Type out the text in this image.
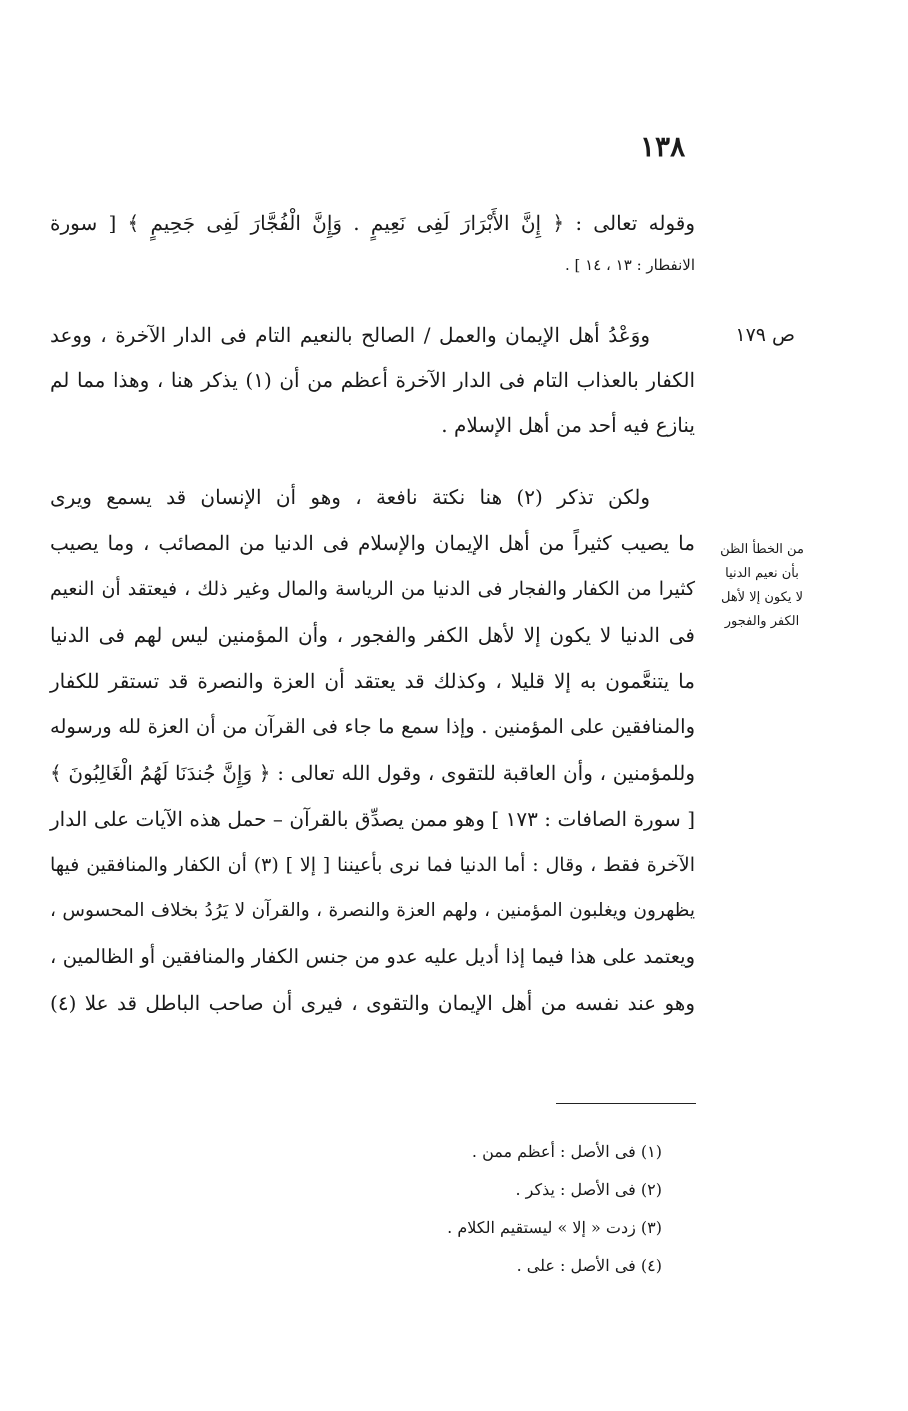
١٣٨
وقوله تعالى : ﴿ إِنَّ الأَبْرَارَ لَفِى نَعِيمٍ . وَإِنَّ الْفُجَّارَ لَفِى جَحِيمٍ ﴾ [ سورة
الانفطار : ١٣ ، ١٤ ] .
ص ١٧٩
ووَعْدُ أهل الإيمان والعمل / الصالح بالنعيم التام فى الدار الآخرة ، ووعد
الكفار بالعذاب التام فى الدار الآخرة أعظم من أن (١) يذكر هنا ، وهذا مما لم
ينازع فيه أحد من أهل الإسلام .
من الخطأ الظن
بأن نعيم الدنيا
لا يكون إلا لأهل
الكفر والفجور
ولكن تذكر (٢) هنا نكتة نافعة ، وهو أن الإنسان قد يسمع ويرى
ما يصيب كثيراً من أهل الإيمان والإسلام فى الدنيا من المصائب ، وما يصيب
كثيرا من الكفار والفجار فى الدنيا من الرياسة والمال وغير ذلك ، فيعتقد أن النعيم
فى الدنيا لا يكون إلا لأهل الكفر والفجور ، وأن المؤمنين ليس لهم فى الدنيا
ما يتنعَّمون به إلا قليلا ، وكذلك قد يعتقد أن العزة والنصرة قد تستقر للكفار
والمنافقين على المؤمنين . وإذا سمع ما جاء فى القرآن من أن العزة لله ورسوله
وللمؤمنين ، وأن العاقبة للتقوى ، وقول الله تعالى : ﴿ وَإِنَّ جُندَنَا لَهُمُ الْغَالِبُونَ ﴾
[ سورة الصافات : ١٧٣ ] وهو ممن يصدِّق بالقرآن – حمل هذه الآيات على الدار
الآخرة فقط ، وقال : أما الدنيا فما نرى بأعيننا [ إلا ] (٣) أن الكفار والمنافقين فيها
يظهرون ويغلبون المؤمنين ، ولهم العزة والنصرة ، والقرآن لا يَرُدُ بخلاف المحسوس ،
ويعتمد على هذا فيما إذا أديل عليه عدو من جنس الكفار والمنافقين أو الظالمين ،
وهو عند نفسه من أهل الإيمان والتقوى ، فيرى أن صاحب الباطل قد علا (٤)
(١) فى الأصل : أعظم ممن .
(٢) فى الأصل : يذكر .
(٣) زدت « إلا » ليستقيم الكلام .
(٤) فى الأصل : على .
